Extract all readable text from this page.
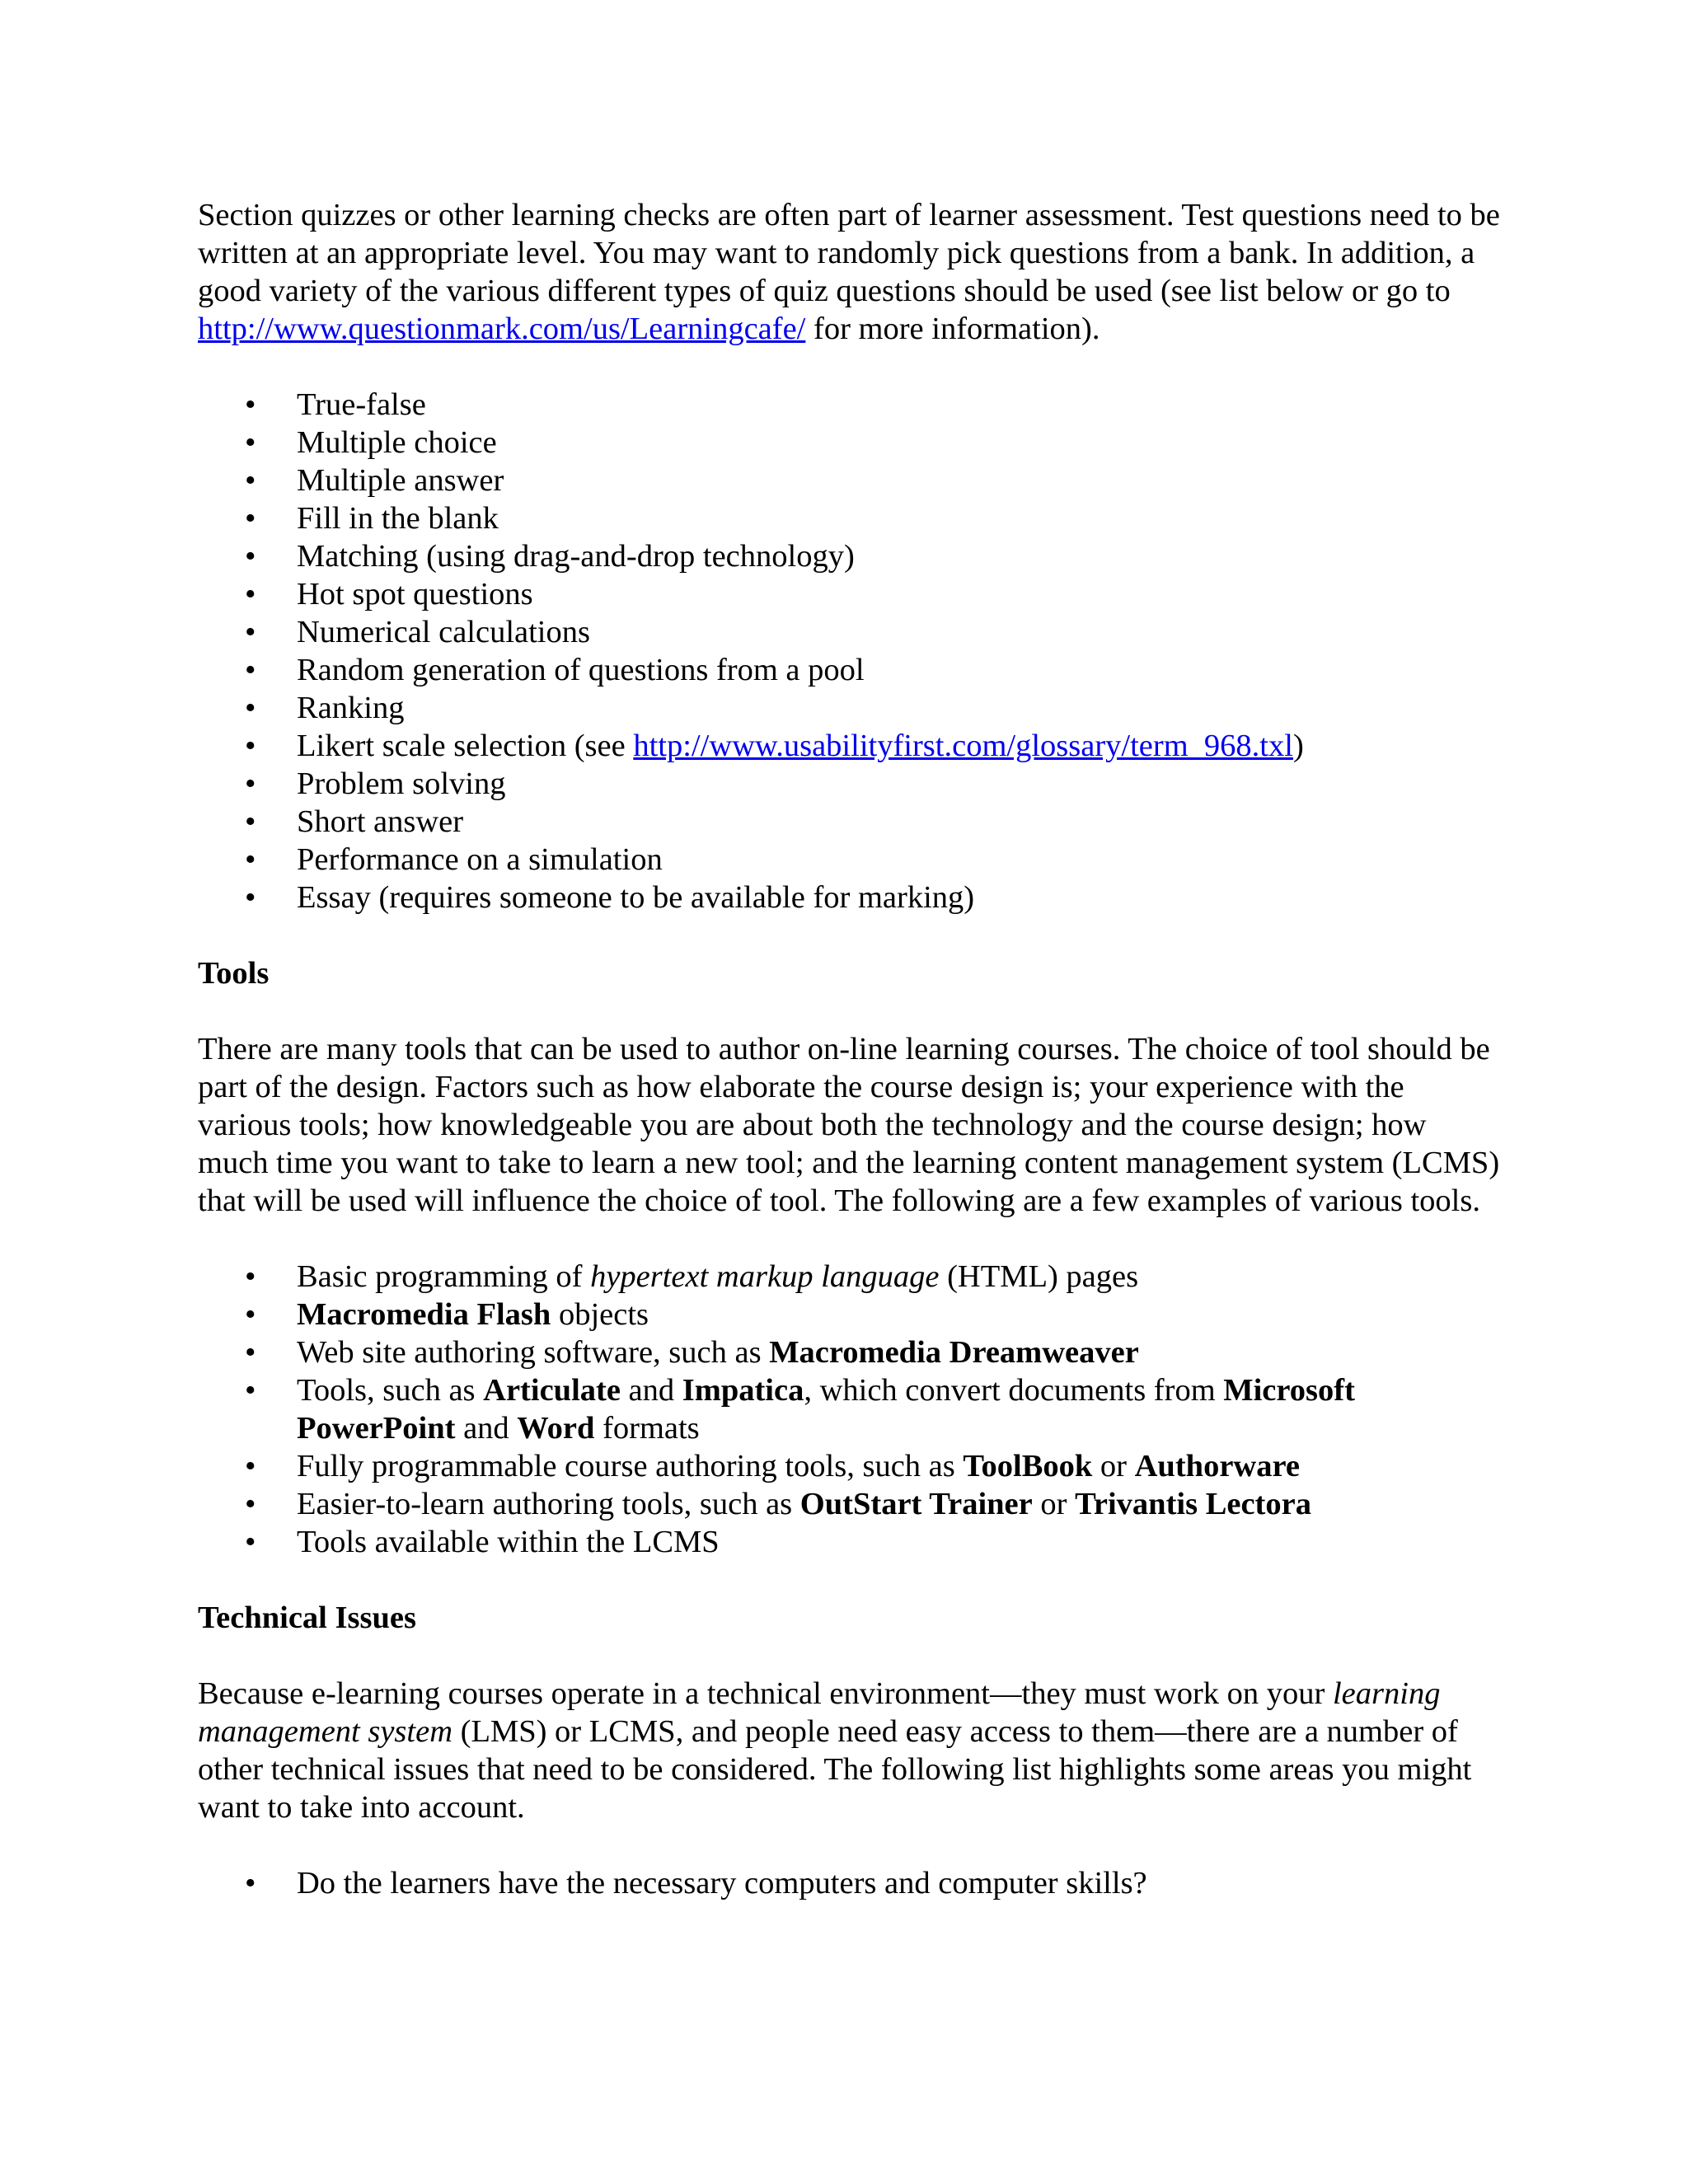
Section quizzes or other learning checks are often part of learner assessment. Test questions need to be written at an appropriate level. You may want to randomly pick questions from a bank. In addition, a good variety of the various different types of quiz questions should be used (see list below or go to http://www.questionmark.com/us/Learningcafe/ for more information).

• True-false
• Multiple choice
• Multiple answer
• Fill in the blank
• Matching (using drag-and-drop technology)
• Hot spot questions
• Numerical calculations
• Random generation of questions from a pool
• Ranking
• Likert scale selection (see http://www.usabilityfirst.com/glossary/term_968.txl)
• Problem solving
• Short answer
• Performance on a simulation
• Essay (requires someone to be available for marking)

Tools

There are many tools that can be used to author on-line learning courses. The choice of tool should be part of the design. Factors such as how elaborate the course design is; your experience with the various tools; how knowledgeable you are about both the technology and the course design; how much time you want to take to learn a new tool; and the learning content management system (LCMS) that will be used will influence the choice of tool. The following are a few examples of various tools.

• Basic programming of hypertext markup language (HTML) pages
• Macromedia Flash objects
• Web site authoring software, such as Macromedia Dreamweaver
• Tools, such as Articulate and Impatica, which convert documents from Microsoft PowerPoint and Word formats
• Fully programmable course authoring tools, such as ToolBook or Authorware
• Easier-to-learn authoring tools, such as OutStart Trainer or Trivantis Lectora
• Tools available within the LCMS

Technical Issues

Because e-learning courses operate in a technical environment—they must work on your learning management system (LMS) or LCMS, and people need easy access to them—there are a number of other technical issues that need to be considered. The following list highlights some areas you might want to take into account.

• Do the learners have the necessary computers and computer skills?
